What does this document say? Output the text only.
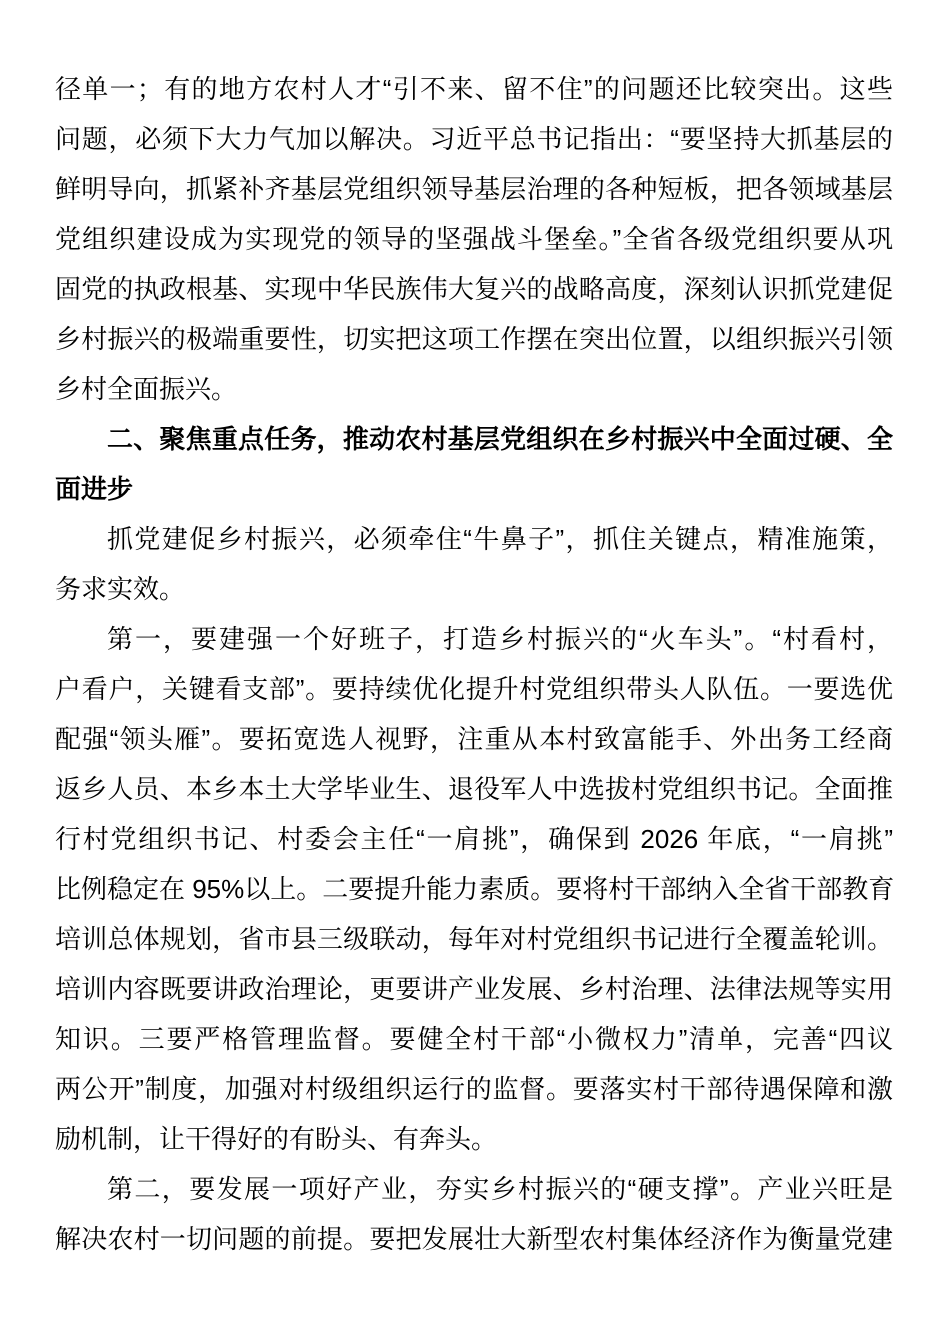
径单一；有的地方农村人才“引不来、留不住”的问题还比较突出。这些
问题，必须下大力气加以解决。习近平总书记指出：“要坚持大抓基层的
鲜明导向，抓紧补齐基层党组织领导基层治理的各种短板，把各领域基层
党组织建设成为实现党的领导的坚强战斗堡垒。”全省各级党组织要从巩
固党的执政根基、实现中华民族伟大复兴的战略高度，深刻认识抓党建促
乡村振兴的极端重要性，切实把这项工作摆在突出位置，以组织振兴引领
乡村全面振兴。
二、聚焦重点任务，推动农村基层党组织在乡村振兴中全面过硬、全
面进步
抓党建促乡村振兴，必须牵住“牛鼻子”，抓住关键点，精准施策，
务求实效。
第一，要建强一个好班子，打造乡村振兴的“火车头”。“村看村，
户看户，关键看支部”。要持续优化提升村党组织带头人队伍。一要选优
配强“领头雁”。要拓宽选人视野，注重从本村致富能手、外出务工经商
返乡人员、本乡本土大学毕业生、退役军人中选拔村党组织书记。全面推
行村党组织书记、村委会主任“一肩挑”，确保到 2026 年底，“一肩挑”
比例稳定在 95%以上。二要提升能力素质。要将村干部纳入全省干部教育
培训总体规划，省市县三级联动，每年对村党组织书记进行全覆盖轮训。
培训内容既要讲政治理论，更要讲产业发展、乡村治理、法律法规等实用
知识。三要严格管理监督。要健全村干部“小微权力”清单，完善“四议
两公开”制度，加强对村级组织运行的监督。要落实村干部待遇保障和激
励机制，让干得好的有盼头、有奔头。
第二，要发展一项好产业，夯实乡村振兴的“硬支撑”。产业兴旺是
解决农村一切问题的前提。要把发展壮大新型农村集体经济作为衡量党建
